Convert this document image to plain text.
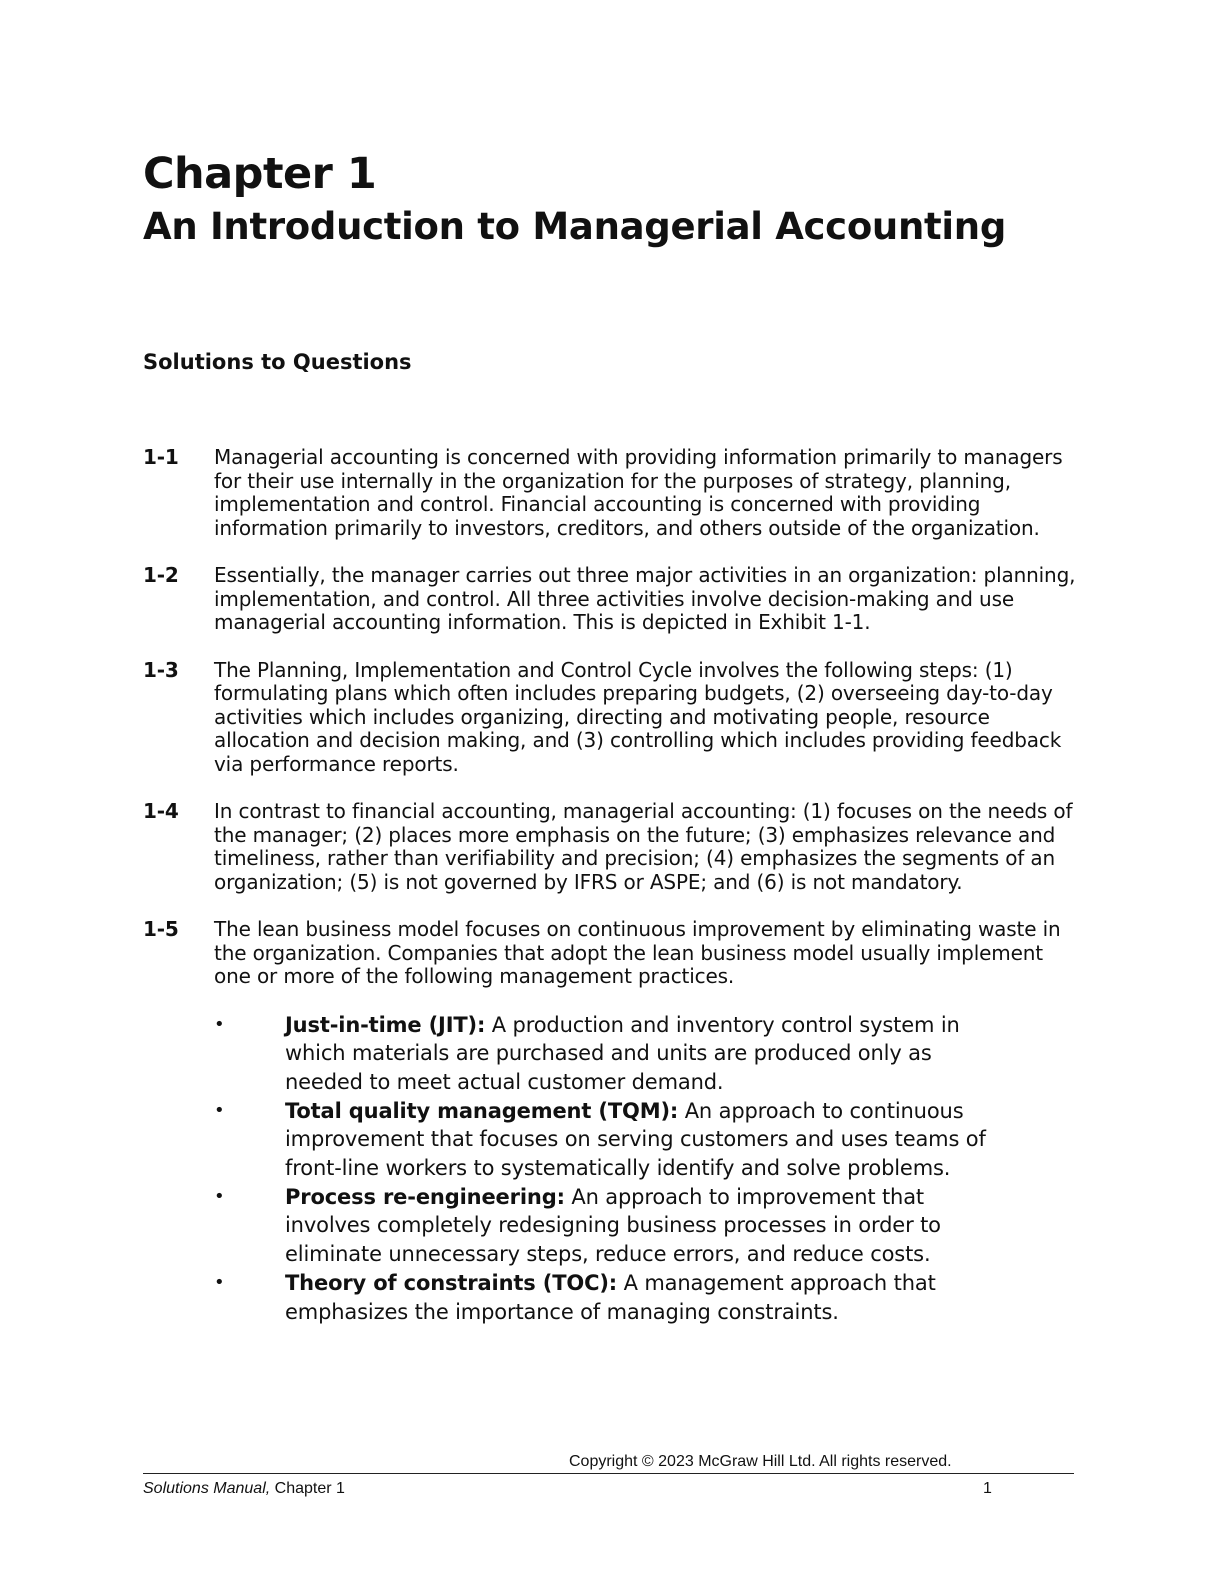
Chapter 1
An Introduction to Managerial Accounting
Solutions to Questions
1-1 Managerial accounting is concerned with providing information primarily to managers for their use internally in the organization for the purposes of strategy, planning, implementation and control. Financial accounting is concerned with providing information primarily to investors, creditors, and others outside of the organization.
1-2 Essentially, the manager carries out three major activities in an organization: planning, implementation, and control. All three activities involve decision-making and use managerial accounting information. This is depicted in Exhibit 1-1.
1-3 The Planning, Implementation and Control Cycle involves the following steps: (1) formulating plans which often includes preparing budgets, (2) overseeing day-to-day activities which includes organizing, directing and motivating people, resource allocation and decision making, and (3) controlling which includes providing feedback via performance reports.
1-4 In contrast to financial accounting, managerial accounting: (1) focuses on the needs of the manager; (2) places more emphasis on the future; (3) emphasizes relevance and timeliness, rather than verifiability and precision; (4) emphasizes the segments of an organization; (5) is not governed by IFRS or ASPE; and (6) is not mandatory.
1-5 The lean business model focuses on continuous improvement by eliminating waste in the organization. Companies that adopt the lean business model usually implement one or more of the following management practices.
•	Just-in-time (JIT): A production and inventory control system in which materials are purchased and units are produced only as needed to meet actual customer demand.
•	Total quality management (TQM): An approach to continuous improvement that focuses on serving customers and uses teams of front-line workers to systematically identify and solve problems.
•	Process re-engineering: An approach to improvement that involves completely redesigning business processes in order to eliminate unnecessary steps, reduce errors, and reduce costs.
•	Theory of constraints (TOC): A management approach that emphasizes the importance of managing constraints.
Copyright © 2023 McGraw Hill Ltd. All rights reserved.
Solutions Manual, Chapter 1	1
